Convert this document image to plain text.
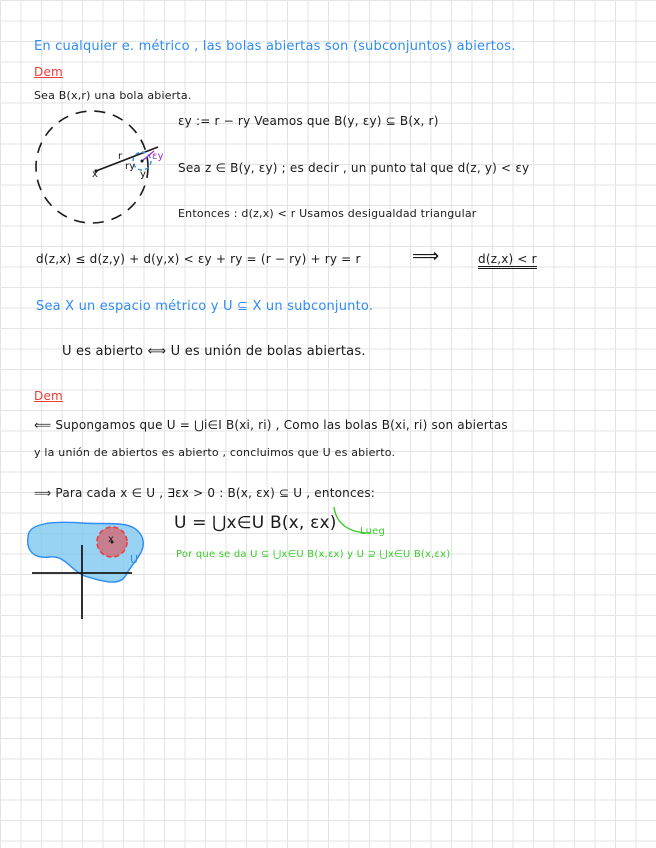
En cualquier e. métrico , las bolas abiertas son (subconjuntos) abiertos.
Dem
Sea B(x,r) una bola abierta.
x	y
r
ry
εy
εy := r − ry Veamos que B(y, εy) ⊆ B(x, r)
Sea z ∈ B(y, εy) ; es decir , un punto tal que d(z, y) < εy
Entonces : d(z,x) < r Usamos desigualdad triangular
d(z,x) ≤ d(z,y) + d(y,x) < εy + ry = (r − ry) + ry = r	⟹	d(z,x) < r
Sea X un espacio métrico y U ⊆ X un subconjunto.
U es abierto ⟺ U es unión de bolas abiertas.
Dem
⟸ Supongamos que U = ⋃i∈I B(xi, ri) , Como las bolas B(xi, ri) son abiertas
y la unión de abiertos es abierto , concluimos que U es abierto.
⟹ Para cada x ∈ U , ∃εx > 0 : B(x, εx) ⊆ U , entonces:
U
x
U = ⋃x∈U B(x, εx) Lueg
Por que se da U ⊆ ⋃x∈U B(x,εx) y U ⊇ ⋃x∈U B(x,εx)
